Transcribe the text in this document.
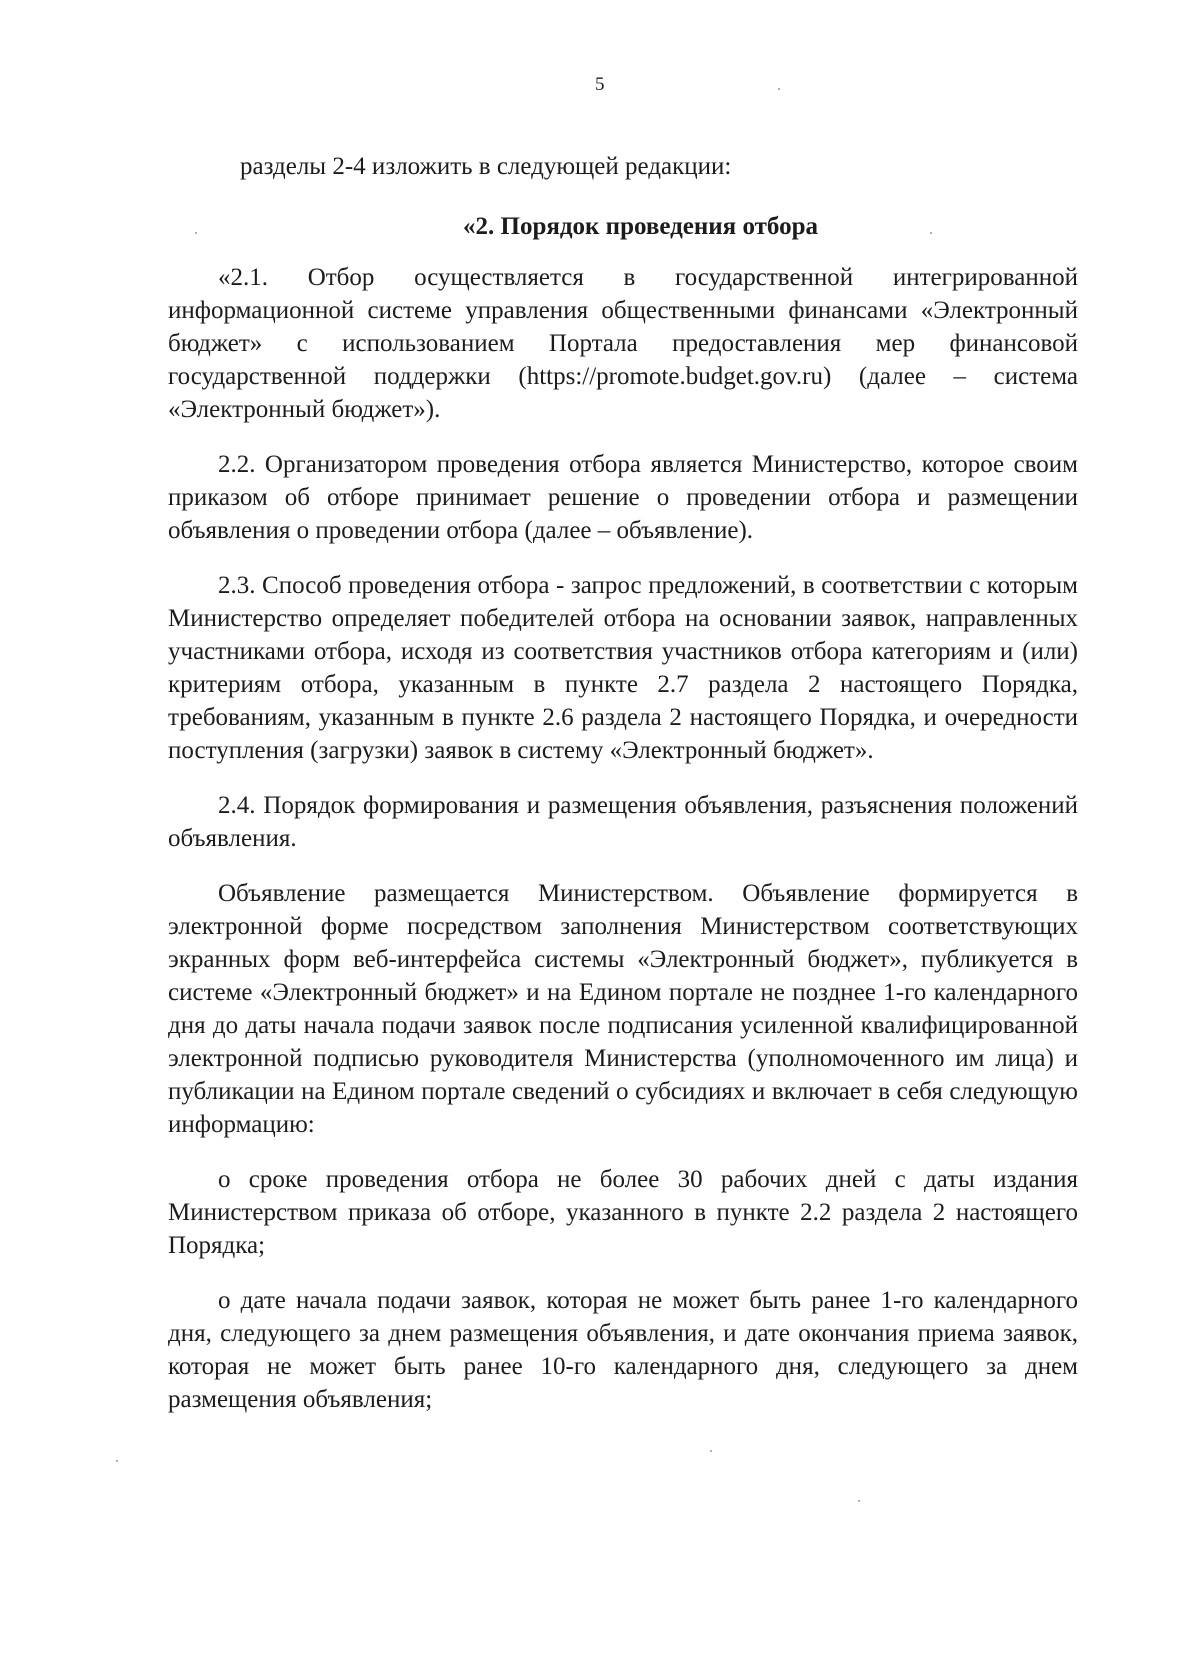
5

разделы 2-4 изложить в следующей редакции:

«2. Порядок проведения отбора

«2.1. Отбор осуществляется в государственной интегрированной информационной системе управления общественными финансами «Электронный бюджет» с использованием Портала предоставления мер финансовой государственной поддержки (https://promote.budget.gov.ru) (далее – система «Электронный бюджет»).

2.2. Организатором проведения отбора является Министерство, которое своим приказом об отборе принимает решение о проведении отбора и размещении объявления о проведении отбора (далее – объявление).

2.3. Способ проведения отбора - запрос предложений, в соответствии с которым Министерство определяет победителей отбора на основании заявок, направленных участниками отбора, исходя из соответствия участников отбора категориям и (или) критериям отбора, указанным в пункте 2.7 раздела 2 настоящего Порядка, требованиям, указанным в пункте 2.6 раздела 2 настоящего Порядка, и очередности поступления (загрузки) заявок в систему «Электронный бюджет».

2.4. Порядок формирования и размещения объявления, разъяснения положений объявления.

Объявление размещается Министерством. Объявление формируется в электронной форме посредством заполнения Министерством соответствующих экранных форм веб-интерфейса системы «Электронный бюджет», публикуется в системе «Электронный бюджет» и на Едином портале не позднее 1-го календарного дня до даты начала подачи заявок после подписания усиленной квалифицированной электронной подписью руководителя Министерства (уполномоченного им лица) и публикации на Едином портале сведений о субсидиях и включает в себя следующую информацию:

о сроке проведения отбора не более 30 рабочих дней с даты издания Министерством приказа об отборе, указанного в пункте 2.2 раздела 2 настоящего Порядка;

о дате начала подачи заявок, которая не может быть ранее 1-го календарного дня, следующего за днем размещения объявления, и дате окончания приема заявок, которая не может быть ранее 10-го календарного дня, следующего за днем размещения объявления;
